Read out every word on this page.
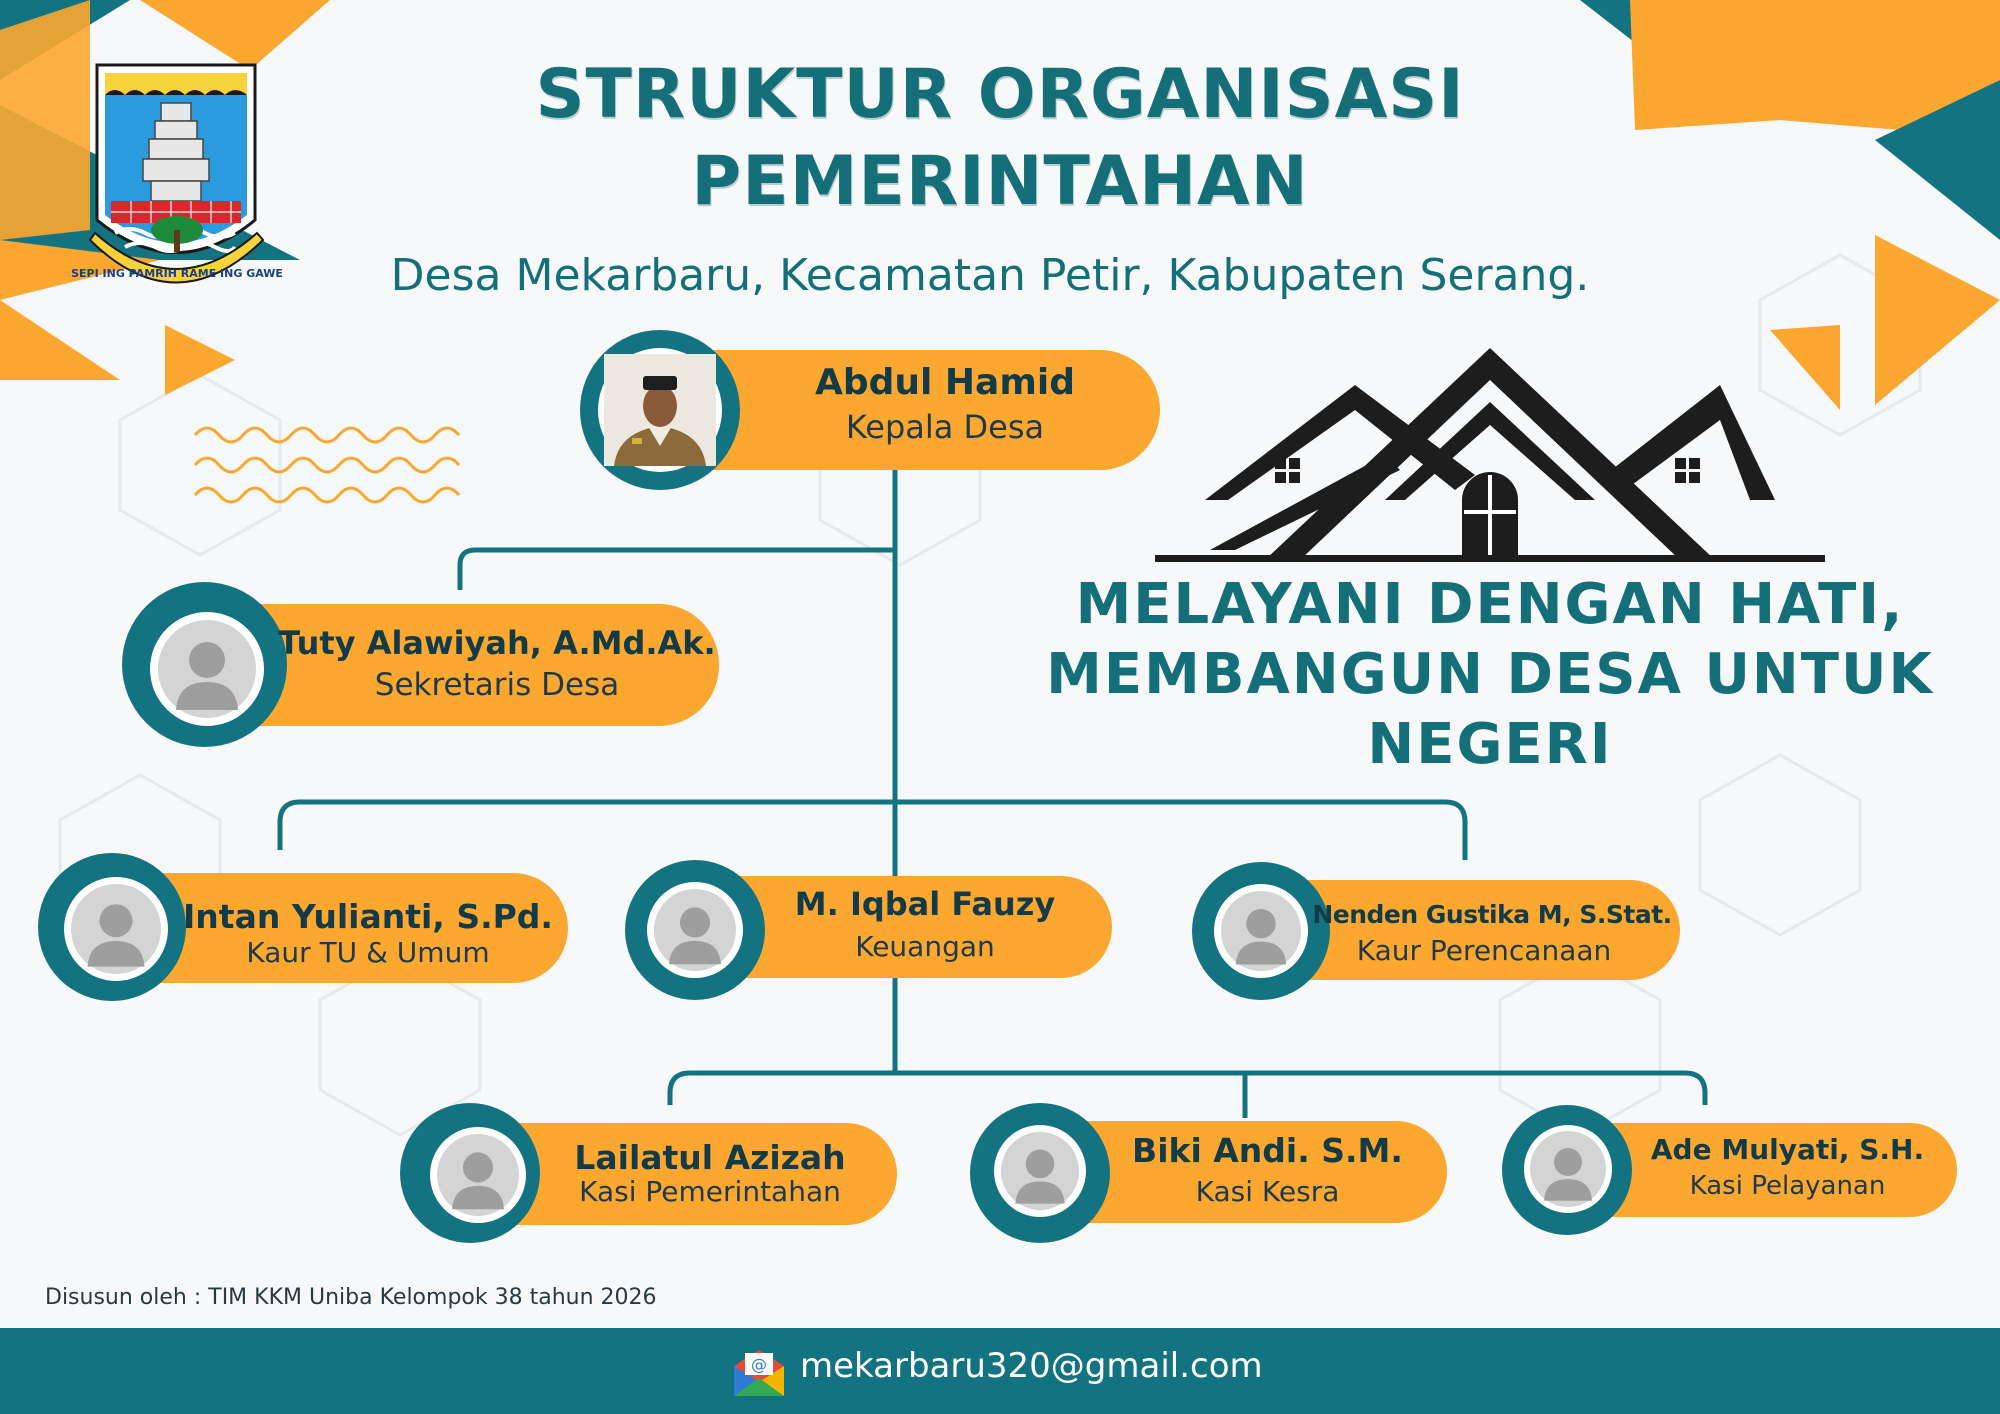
SEPI ING PAMRIH RAME ING GAWE
STRUKTUR ORGANISASI
PEMERINTAHAN
Desa Mekarbaru, Kecamatan Petir, Kabupaten Serang.
MELAYANI DENGAN HATI,
MEMBANGUN DESA UNTUK
NEGERI
Abdul Hamid
Kepala Desa
Tuty Alawiyah, A.Md.Ak.
Sekretaris Desa
Intan Yulianti, S.Pd.
Kaur TU & Umum
M. Iqbal Fauzy
Keuangan
Nenden Gustika M, S.Stat.
Kaur Perencanaan
Lailatul Azizah
Kasi Pemerintahan
Biki Andi. S.M.
Kasi Kesra
Ade Mulyati, S.H.
Kasi Pelayanan
Disusun oleh : TIM KKM Uniba Kelompok 38 tahun 2026
@ mekarbaru320@gmail.com
